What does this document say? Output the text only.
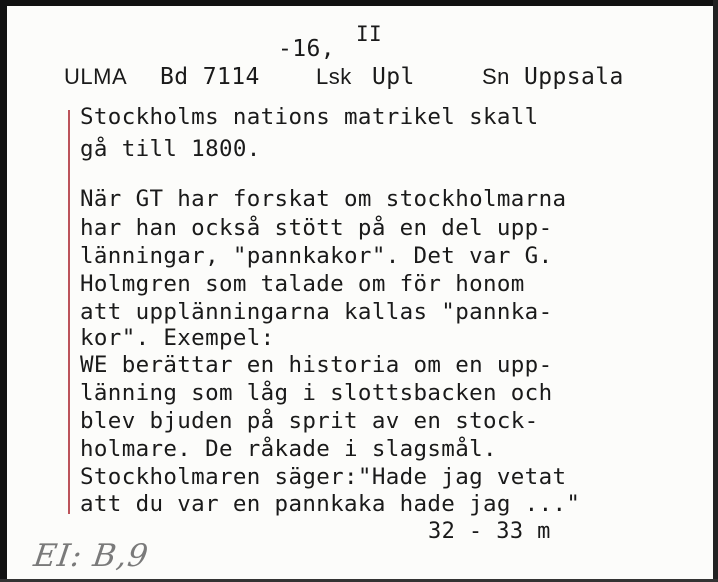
-16,
II
ULMA Bd 7114	Lsk Upl	Sn Uppsala
Stockholms nations matrikel skall
gå till 1800.
När GT har forskat om stockholmarna
har han också stött på en del upp-
länningar, "pannkakor". Det var G.
Holmgren som talade om för honom
att upplänningarna kallas "pannka-
kor". Exempel:
WE berättar en historia om en upp-
länning som låg i slottsbacken och
blev bjuden på sprit av en stock-
holmare. De råkade i slagsmål.
Stockholmaren säger:"Hade jag vetat
att du var en pannkaka hade jag ..."
32 - 33 m
EI: B,9
